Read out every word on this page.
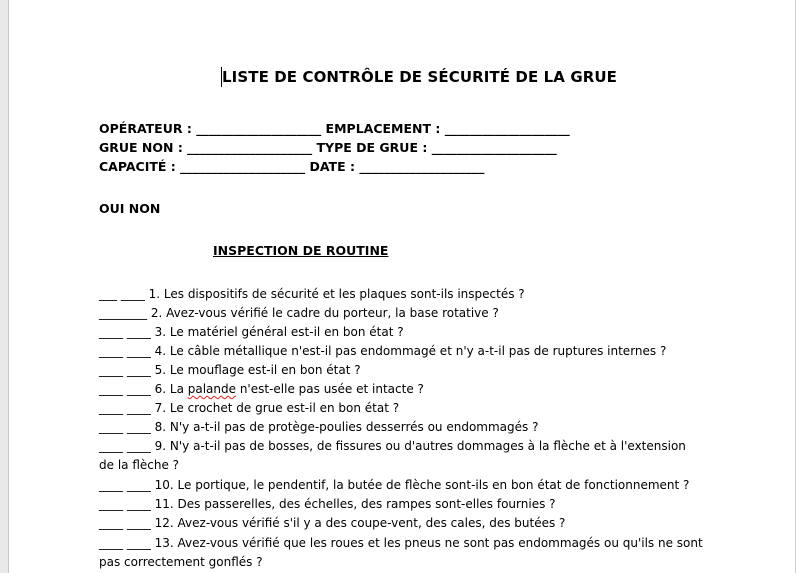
LISTE DE CONTRÔLE DE SÉCURITÉ DE LA GRUE
OPÉRATEUR : ____________________ EMPLACEMENT : ____________________
GRUE NON : ____________________ TYPE DE GRUE : ____________________
CAPACITÉ : ____________________ DATE : ____________________
OUI NON
INSPECTION DE ROUTINE
___ ____ 1. Les dispositifs de sécurité et les plaques sont-ils inspectés ?
________ 2. Avez-vous vérifié le cadre du porteur, la base rotative ?
____ ____ 3. Le matériel général est-il en bon état ?
____ ____ 4. Le câble métallique n'est-il pas endommagé et n'y a-t-il pas de ruptures internes ?
____ ____ 5. Le mouflage est-il en bon état ?
____ ____ 6. La palande n'est-elle pas usée et intacte ?
____ ____ 7. Le crochet de grue est-il en bon état ?
____ ____ 8. N'y a-t-il pas de protège-poulies desserrés ou endommagés ?
____ ____ 9. N'y a-t-il pas de bosses, de fissures ou d'autres dommages à la flèche et à l'extension
de la flèche ?
____ ____ 10. Le portique, le pendentif, la butée de flèche sont-ils en bon état de fonctionnement ?
____ ____ 11. Des passerelles, des échelles, des rampes sont-elles fournies ?
____ ____ 12. Avez-vous vérifié s'il y a des coupe-vent, des cales, des butées ?
____ ____ 13. Avez-vous vérifié que les roues et les pneus ne sont pas endommagés ou qu'ils ne sont
pas correctement gonflés ?
